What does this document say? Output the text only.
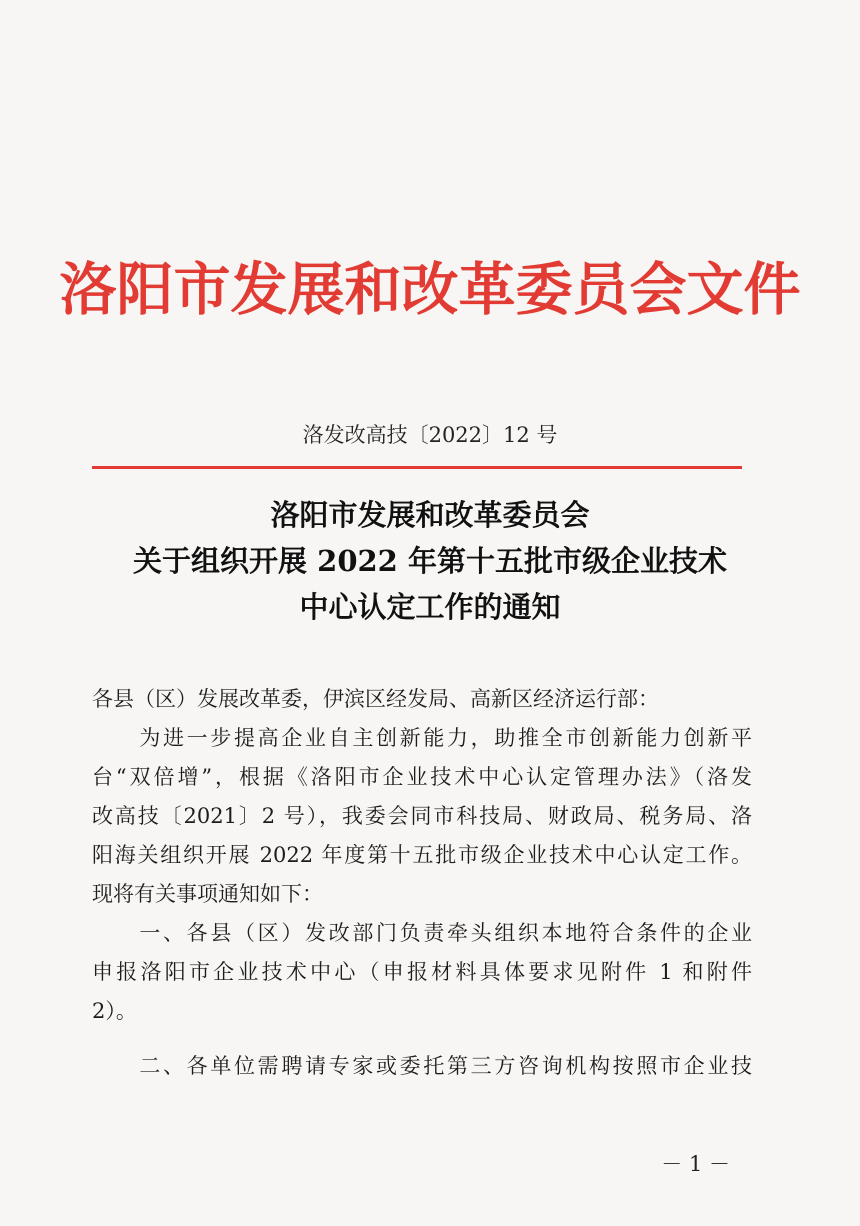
洛阳市发展和改革委员会文件
洛发改高技〔2022〕12 号
洛阳市发展和改革委员会
关于组织开展 2022 年第十五批市级企业技术
中心认定工作的通知
各县（区）发展改革委，伊滨区经发局、高新区经济运行部：
　　为进一步提高企业自主创新能力，助推全市创新能力创新平
台“双倍增”，根据《洛阳市企业技术中心认定管理办法》（洛发
改高技〔2021〕2 号），我委会同市科技局、财政局、税务局、洛
阳海关组织开展 2022 年度第十五批市级企业技术中心认定工作。
现将有关事项通知如下：
　　一、各县（区）发改部门负责牵头组织本地符合条件的企业
申报洛阳市企业技术中心（申报材料具体要求见附件 1 和附件
2）。
　　二、各单位需聘请专家或委托第三方咨询机构按照市企业技
－ 1 －
